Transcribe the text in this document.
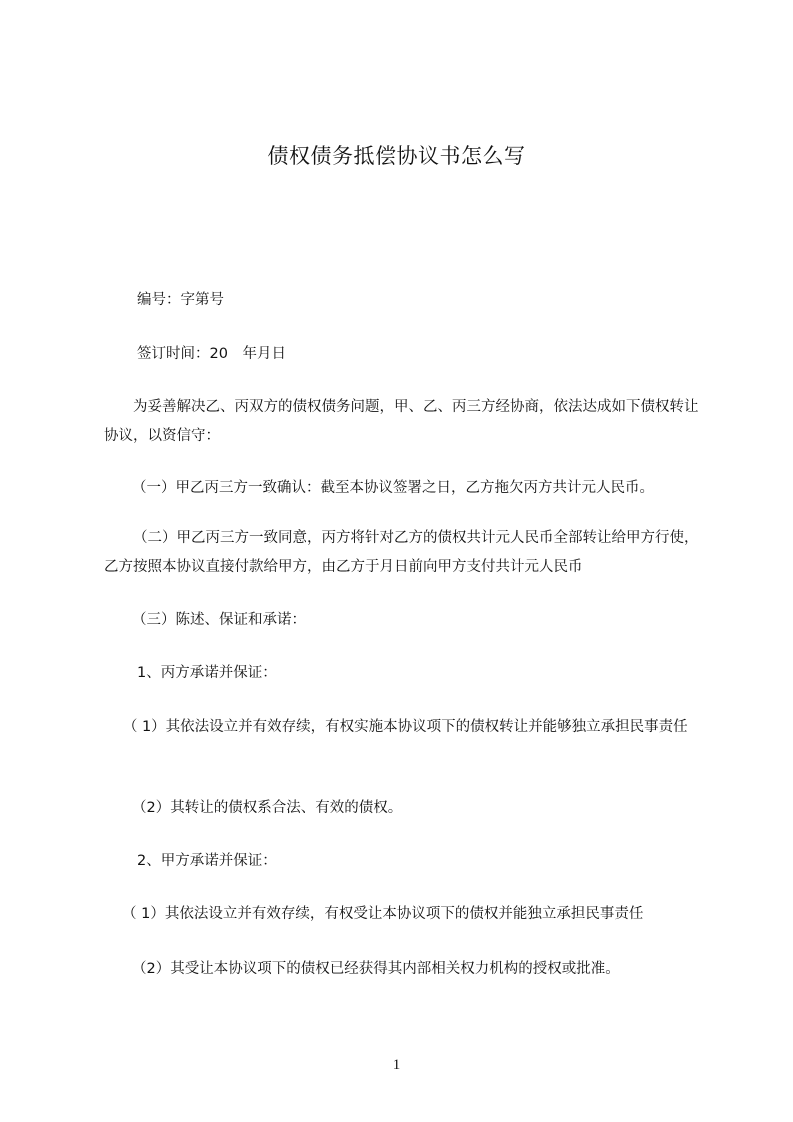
债权债务抵偿协议书怎么写
编号：字第号
签订时间：20　年月日
为妥善解决乙、丙双方的债权债务问题，甲、乙、丙三方经协商，依法达成如下债权转让协议，以资信守：
（一）甲乙丙三方一致确认：截至本协议签署之日，乙方拖欠丙方共计元人民币。
（二）甲乙丙三方一致同意，丙方将针对乙方的债权共计元人民币全部转让给甲方行使，乙方按照本协议直接付款给甲方，由乙方于月日前向甲方支付共计元人民币
（三）陈述、保证和承诺：
1、丙方承诺并保证：
（ 1）其依法设立并有效存续，有权实施本协议项下的债权转让并能够独立承担民事责任
（2）其转让的债权系合法、有效的债权。
2、甲方承诺并保证：
（ 1）其依法设立并有效存续，有权受让本协议项下的债权并能独立承担民事责任
（2）其受让本协议项下的债权已经获得其内部相关权力机构的授权或批准。
1
